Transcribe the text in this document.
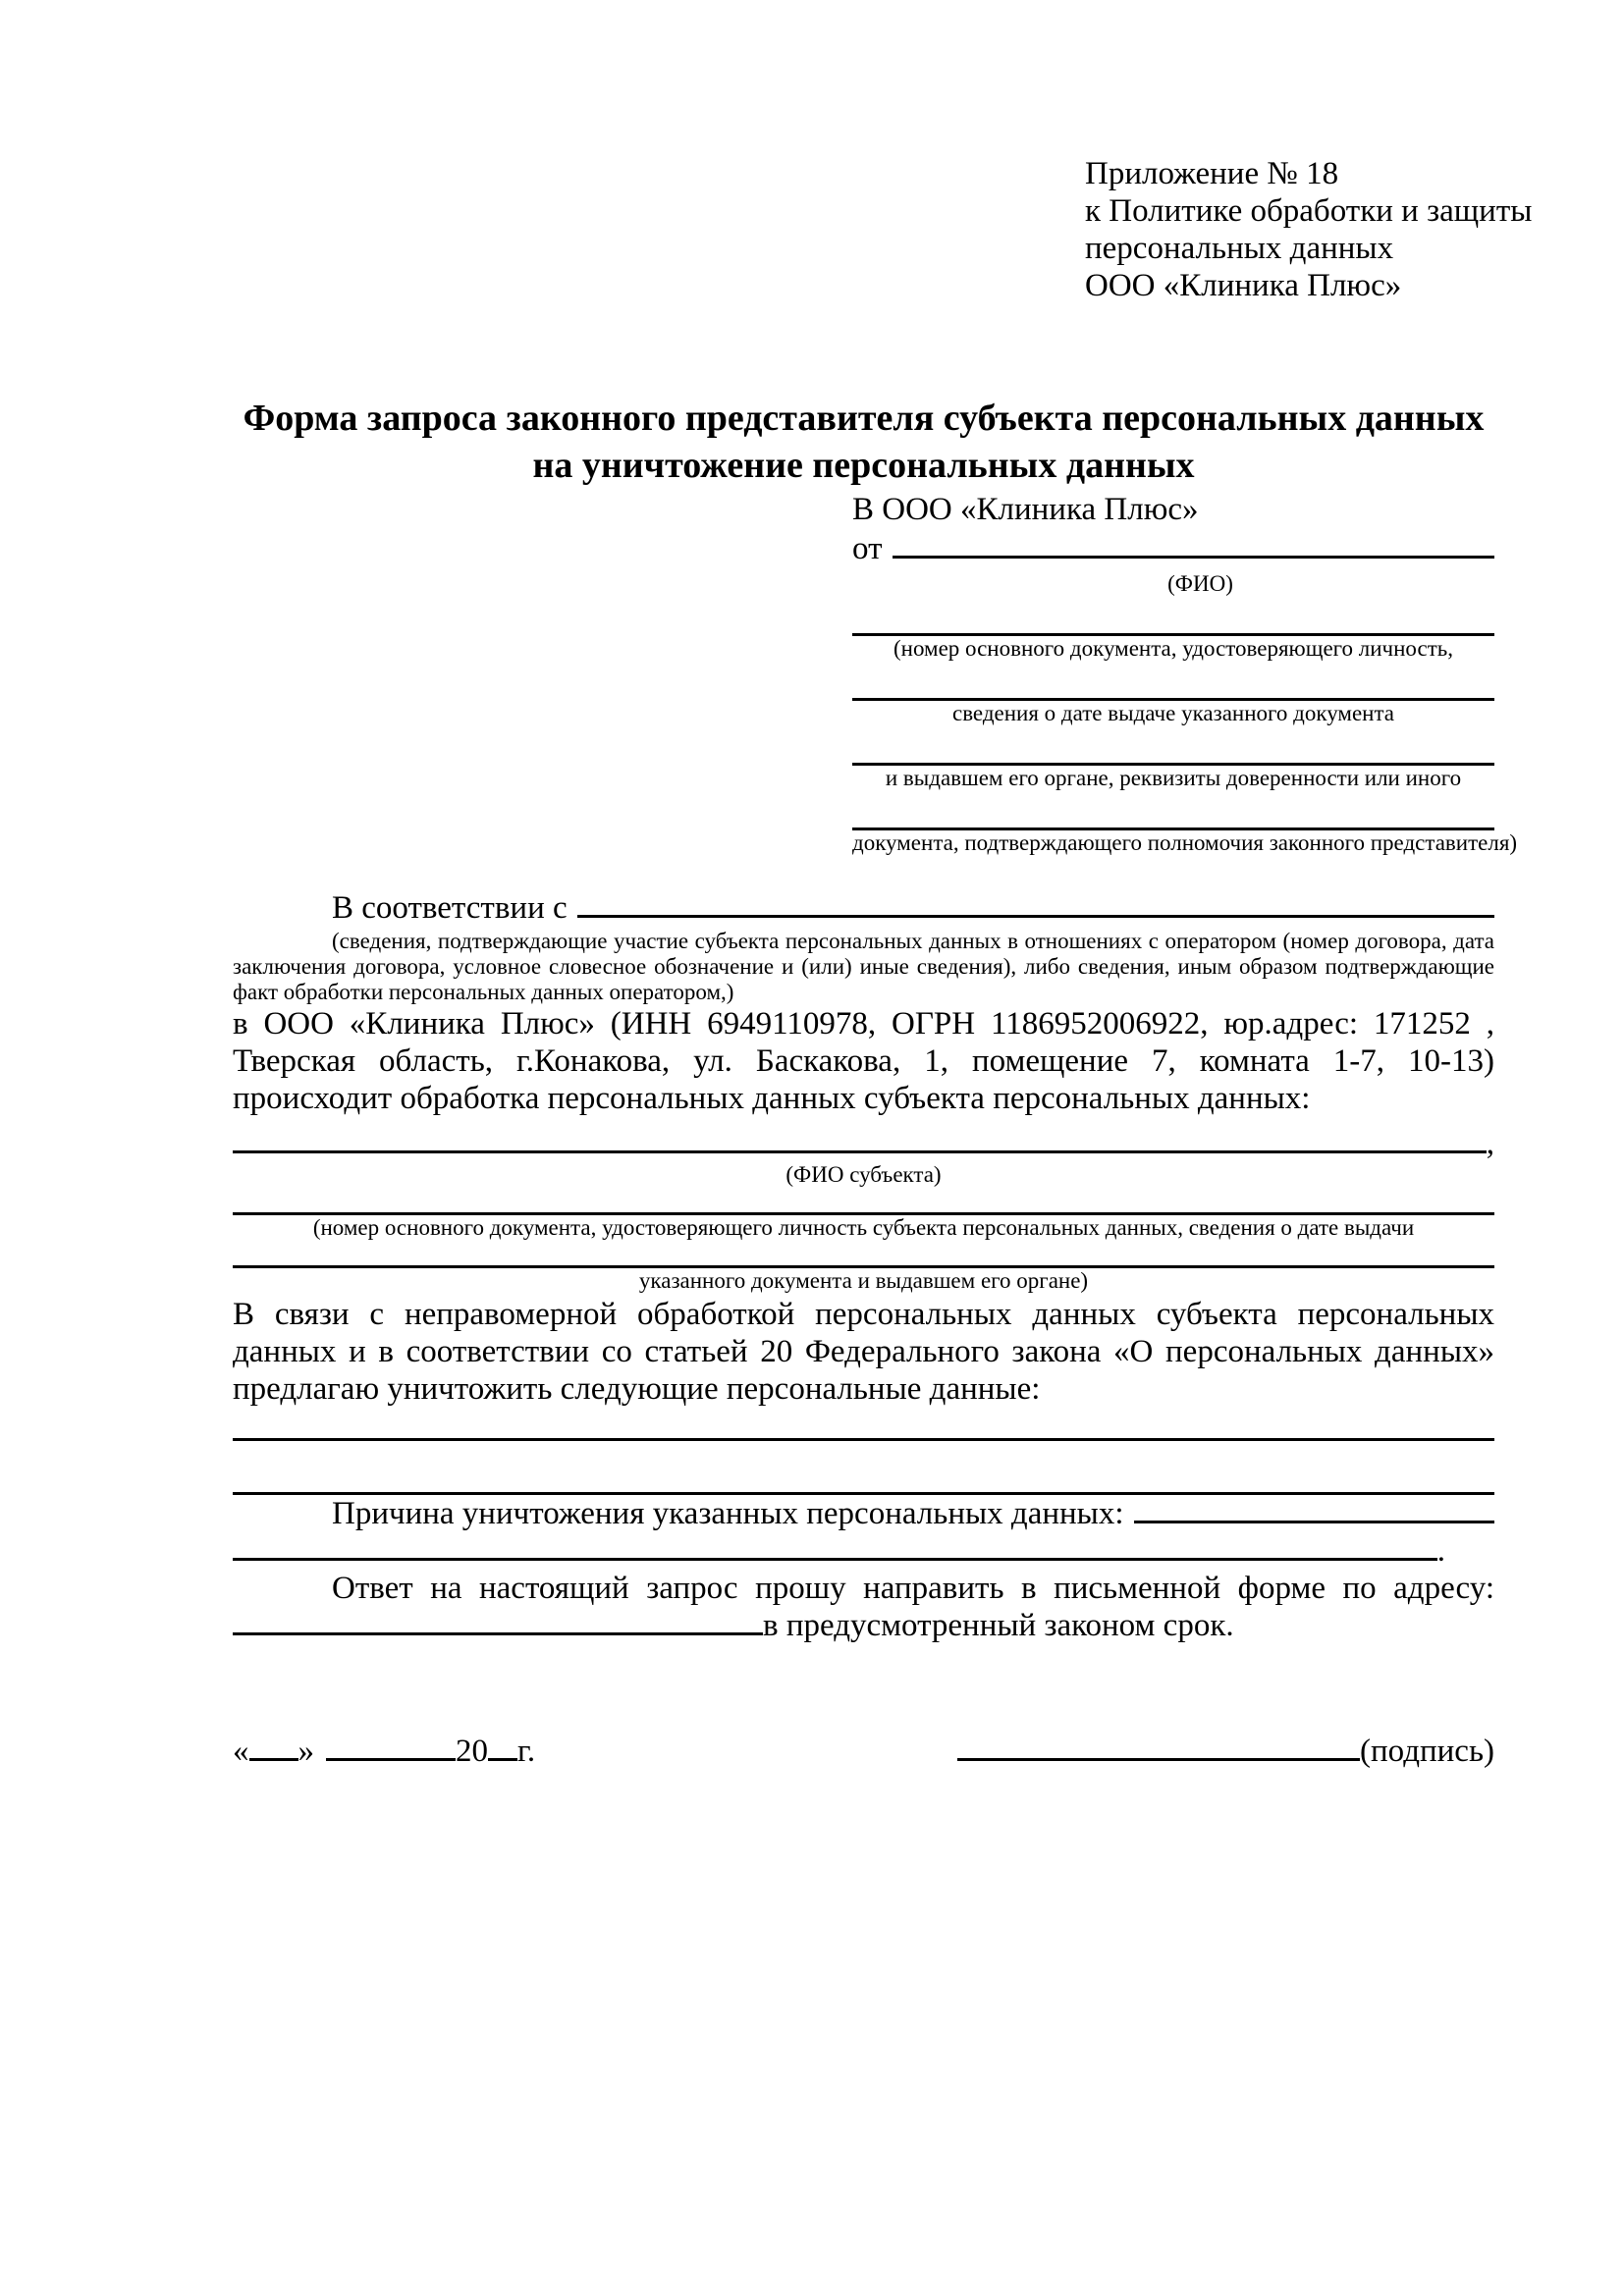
Приложение № 18
к Политике обработки и защиты
персональных данных
ООО «Клиника Плюс»
Форма запроса законного представителя субъекта персональных данных
на уничтожение персональных данных
В ООО «Клиника Плюс»
от
(ФИО)
(номер основного документа, удостоверяющего личность,
сведения о дате выдаче указанного документа
и выдавшем его органе, реквизиты доверенности или иного
документа, подтверждающего полномочия законного представителя)
В соответствии с
(сведения, подтверждающие участие субъекта персональных данных в отношениях с оператором (номер договора, дата заключения договора, условное словесное обозначение и (или) иные сведения), либо сведения, иным образом подтверждающие факт обработки персональных данных оператором,)
в ООО «Клиника Плюс» (ИНН 6949110978, ОГРН 1186952006922, юр.адрес: 171252 , Тверская область, г.Конакова, ул. Баскакова, 1, помещение 7, комната 1-7, 10-13) происходит обработка персональных данных субъекта персональных данных:
,
(ФИО субъекта)
(номер основного документа, удостоверяющего личность субъекта персональных данных, сведения о дате выдачи
указанного документа и выдавшем его органе)
В связи с неправомерной обработкой персональных данных субъекта персональных данных и в соответствии со статьей 20 Федерального закона «О персональных данных» предлагаю уничтожить следующие персональные данные:
Причина уничтожения указанных персональных данных:
.
Ответ на настоящий запрос прошу направить в письменной форме по адресу:
в предусмотренный законом срок.
« »	20 г.	(подпись)
